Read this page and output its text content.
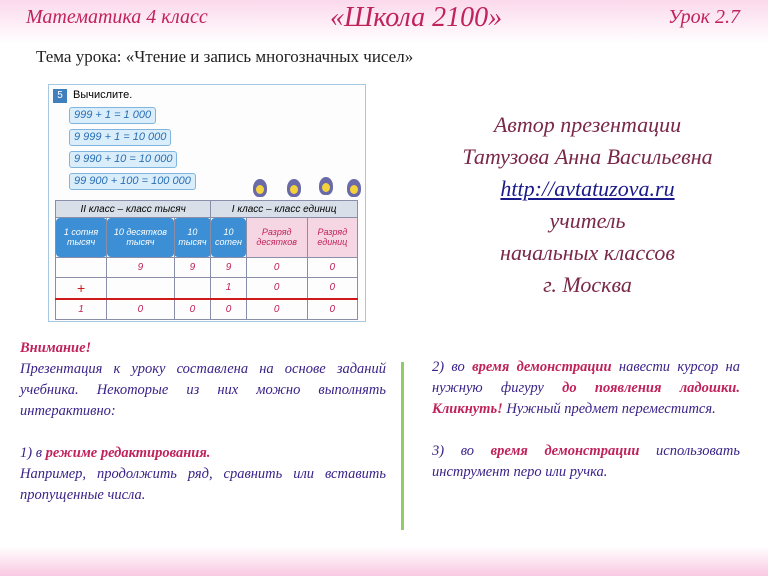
Математика 4 класс	«Школа 2100»	Урок 2.7
Тема урока: «Чтение и запись многозначных чисел»
5 Вычислите.
999 + 1 = 1 000
9 999 + 1 = 10 000
9 990 + 10 = 10 000
99 900 + 100 = 100 000
II класс – класс тысяч			I класс – класс единиц		
1 сотня тысяч	10 десятков тысяч	10 тысяч	10 сотен	Разряд десятков	Разряд единиц
	9	9	9	0	0
+			1	0	0
1	0	0	0	0	0
Автор презентации
Татузова Анна Васильевна
http://avtatuzova.ru
учитель
начальных классов
г. Москва

Внимание!

Презентация к уроку составлена на основе заданий учебника. Некоторые из них можно выполнять интерактивно:

1) в режиме редактирования.

Например, продолжить ряд, сравнить или вставить пропущенные числа.

2) во время демонстрации навести курсор на нужную фигуру до появления ладошки. Кликнуть! Нужный предмет переместится.

3) во время демонстрации использовать инструмент перо или ручка.
